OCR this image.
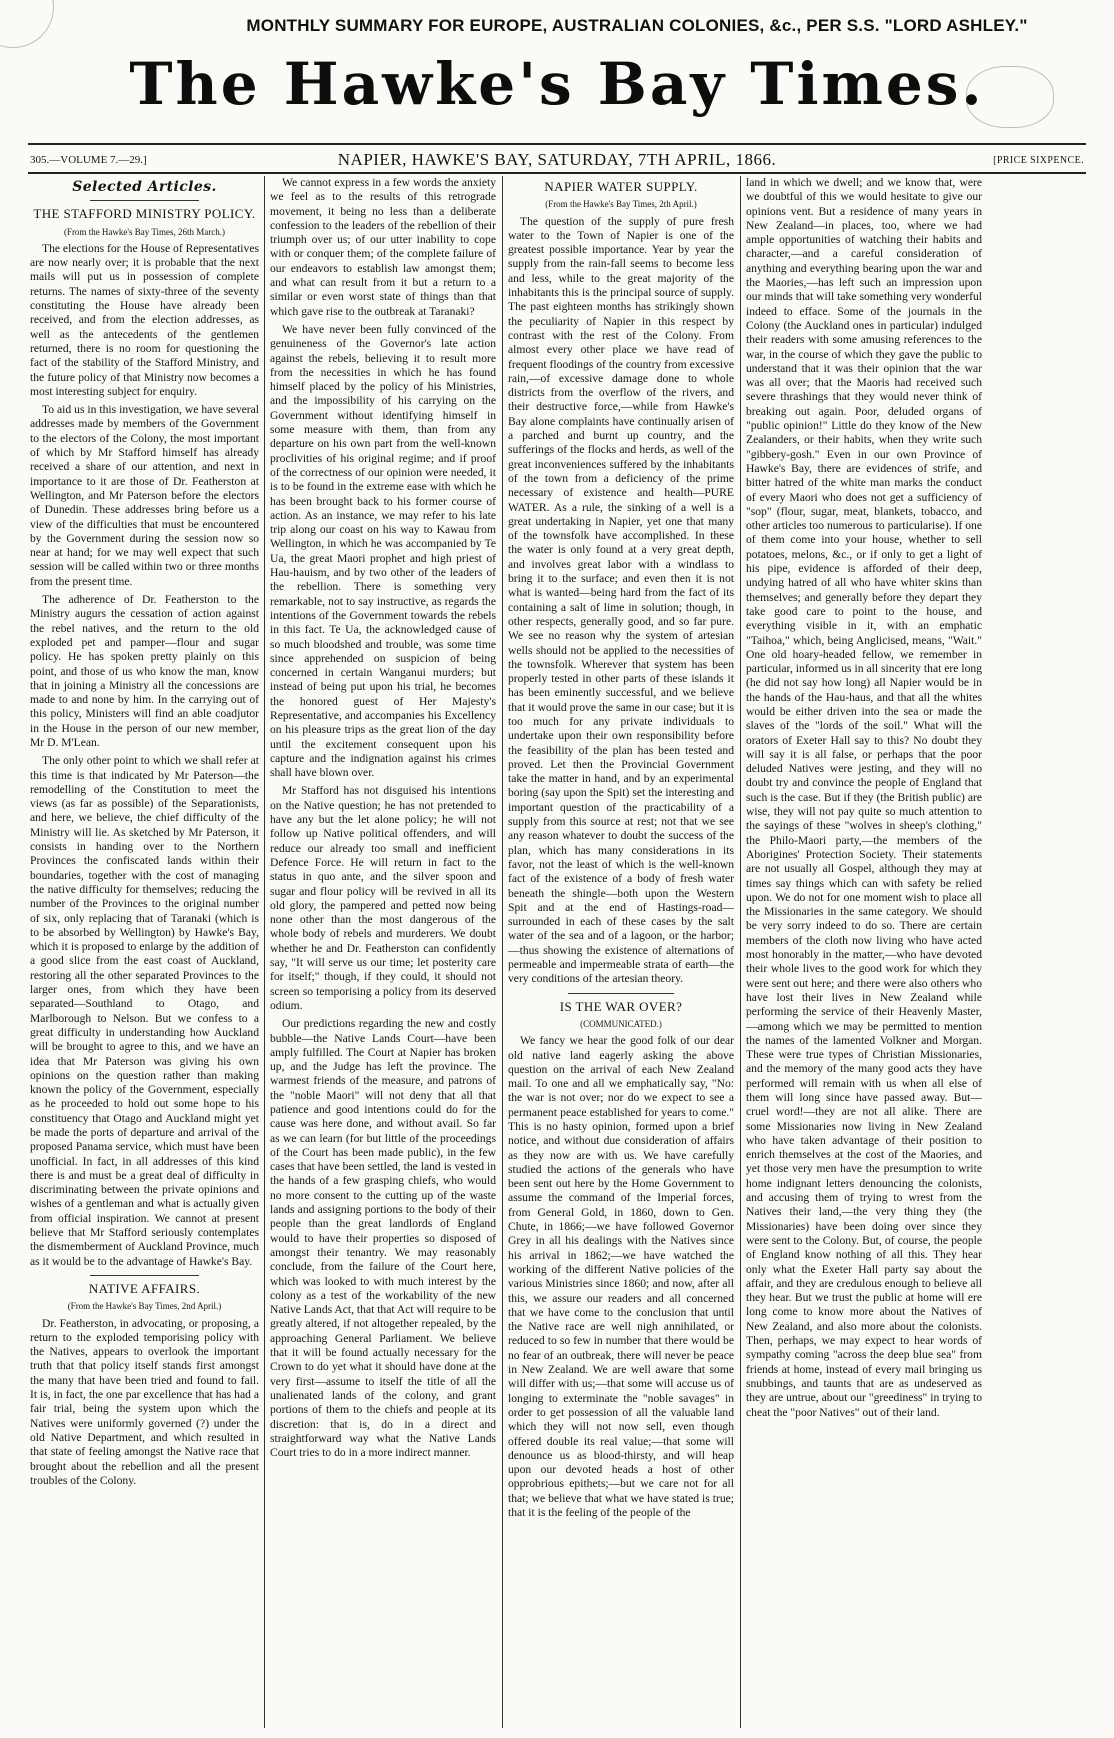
MONTHLY SUMMARY FOR EUROPE, AUSTRALIAN COLONIES, &c., PER S.S. "LORD ASHLEY."
The Hawke's Bay Times.
305.—VOLUME 7.—29.]	NAPIER, HAWKE'S BAY, SATURDAY, 7TH APRIL, 1866.	[PRICE SIXPENCE.
Selected Articles.
THE STAFFORD MINISTRY POLICY.
(From the Hawke's Bay Times, 26th March.)

The elections for the House of Representatives are now nearly over; it is probable that the next mails will put us in possession of complete returns. The names of sixty-three of the seventy constituting the House have already been received, and from the election addresses, as well as the antecedents of the gentlemen returned, there is no room for questioning the fact of the stability of the Stafford Ministry, and the future policy of that Ministry now becomes a most interesting subject for enquiry.

To aid us in this investigation, we have several addresses made by members of the Government to the electors of the Colony, the most important of which by Mr Stafford himself has already received a share of our attention, and next in importance to it are those of Dr. Featherston at Wellington, and Mr Paterson before the electors of Dunedin. These addresses bring before us a view of the difficulties that must be encountered by the Government during the session now so near at hand; for we may well expect that such session will be called within two or three months from the present time.

The adherence of Dr. Featherston to the Ministry augurs the cessation of action against the rebel natives, and the return to the old exploded pet and pamper—flour and sugar policy. He has spoken pretty plainly on this point, and those of us who know the man, know that in joining a Ministry all the concessions are made to and none by him. In the carrying out of this policy, Ministers will find an able coadjutor in the House in the person of our new member, Mr D. M'Lean.

The only other point to which we shall refer at this time is that indicated by Mr Paterson—the remodelling of the Constitution to meet the views (as far as possible) of the Separationists, and here, we believe, the chief difficulty of the Ministry will lie. As sketched by Mr Paterson, it consists in handing over to the Northern Provinces the confiscated lands within their boundaries, together with the cost of managing the native difficulty for themselves; reducing the number of the Provinces to the original number of six, only replacing that of Taranaki (which is to be absorbed by Wellington) by Hawke's Bay, which it is proposed to enlarge by the addition of a good slice from the east coast of Auckland, restoring all the other separated Provinces to the larger ones, from which they have been separated—Southland to Otago, and Marlborough to Nelson. But we confess to a great difficulty in understanding how Auckland will be brought to agree to this, and we have an idea that Mr Paterson was giving his own opinions on the question rather than making known the policy of the Government, especially as he proceeded to hold out some hope to his constituency that Otago and Auckland might yet be made the ports of departure and arrival of the proposed Panama service, which must have been unofficial. In fact, in all addresses of this kind there is and must be a great deal of difficulty in discriminating between the private opinions and wishes of a gentleman and what is actually given from official inspiration. We cannot at present believe that Mr Stafford seriously contemplates the dismemberment of Auckland Province, much as it would be to the advantage of Hawke's Bay.

NATIVE AFFAIRS.
(From the Hawke's Bay Times, 2nd April.)

Dr. Featherston, in advocating, or proposing, a return to the exploded temporising policy with the Natives, appears to overlook the important truth that that policy itself stands first amongst the many that have been tried and found to fail. It is, in fact, the one par excellence that has had a fair trial, being the system upon which the Natives were uniformly governed (?) under the old Native Department, and which resulted in that state of feeling amongst the Native race that brought about the rebellion and all the present troubles of the Colony.

We cannot express in a few words the anxiety we feel as to the results of this retrograde movement, it being no less than a deliberate confession to the leaders of the rebellion of their triumph over us; of our utter inability to cope with or conquer them; of the complete failure of our endeavors to establish law amongst them; and what can result from it but a return to a similar or even worst state of things than that which gave rise to the outbreak at Taranaki?

We have never been fully convinced of the genuineness of the Governor's late action against the rebels, believing it to result more from the necessities in which he has found himself placed by the policy of his Ministries, and the impossibility of his carrying on the Government without identifying himself in some measure with them, than from any departure on his own part from the well-known proclivities of his original regime; and if proof of the correctness of our opinion were needed, it is to be found in the extreme ease with which he has been brought back to his former course of action. As an instance, we may refer to his late trip along our coast on his way to Kawau from Wellington, in which he was accompanied by Te Ua, the great Maori prophet and high priest of Hau-hauism, and by two other of the leaders of the rebellion. There is something very remarkable, not to say instructive, as regards the intentions of the Government towards the rebels in this fact. Te Ua, the acknowledged cause of so much bloodshed and trouble, was some time since apprehended on suspicion of being concerned in certain Wanganui murders; but instead of being put upon his trial, he becomes the honored guest of Her Majesty's Representative, and accompanies his Excellency on his pleasure trips as the great lion of the day until the excitement consequent upon his capture and the indignation against his crimes shall have blown over.

Mr Stafford has not disguised his intentions on the Native question; he has not pretended to have any but the let alone policy; he will not follow up Native political offenders, and will reduce our already too small and inefficient Defence Force. He will return in fact to the status in quo ante, and the silver spoon and sugar and flour policy will be revived in all its old glory, the pampered and petted now being none other than the most dangerous of the whole body of rebels and murderers. We doubt whether he and Dr. Featherston can confidently say, "It will serve us our time; let posterity care for itself;" though, if they could, it should not screen so temporising a policy from its deserved odium.

Our predictions regarding the new and costly bubble—the Native Lands Court—have been amply fulfilled. The Court at Napier has broken up, and the Judge has left the province. The warmest friends of the measure, and patrons of the "noble Maori" will not deny that all that patience and good intentions could do for the cause was here done, and without avail. So far as we can learn (for but little of the proceedings of the Court has been made public), in the few cases that have been settled, the land is vested in the hands of a few grasping chiefs, who would no more consent to the cutting up of the waste lands and assigning portions to the body of their people than the great landlords of England would to have their properties so disposed of amongst their tenantry. We may reasonably conclude, from the failure of the Court here, which was looked to with much interest by the colony as a test of the workability of the new Native Lands Act, that that Act will require to be greatly altered, if not altogether repealed, by the approaching General Parliament. We believe that it will be found actually necessary for the Crown to do yet what it should have done at the very first—assume to itself the title of all the unalienated lands of the colony, and grant portions of them to the chiefs and people at its discretion: that is, do in a direct and straightforward way what the Native Lands Court tries to do in a more indirect manner.

NAPIER WATER SUPPLY.
(From the Hawke's Bay Times, 2th April.)

The question of the supply of pure fresh water to the Town of Napier is one of the greatest possible importance. Year by year the supply from the rain-fall seems to become less and less, while to the great majority of the inhabitants this is the principal source of supply. The past eighteen months has strikingly shown the peculiarity of Napier in this respect by contrast with the rest of the Colony. From almost every other place we have read of frequent floodings of the country from excessive rain,—of excessive damage done to whole districts from the overflow of the rivers, and their destructive force,—while from Hawke's Bay alone complaints have continually arisen of a parched and burnt up country, and the sufferings of the flocks and herds, as well of the great inconveniences suffered by the inhabitants of the town from a deficiency of the prime necessary of existence and health—PURE WATER. As a rule, the sinking of a well is a great undertaking in Napier, yet one that many of the townsfolk have accomplished. In these the water is only found at a very great depth, and involves great labor with a windlass to bring it to the surface; and even then it is not what is wanted—being hard from the fact of its containing a salt of lime in solution; though, in other respects, generally good, and so far pure. We see no reason why the system of artesian wells should not be applied to the necessities of the townsfolk. Wherever that system has been properly tested in other parts of these islands it has been eminently successful, and we believe that it would prove the same in our case; but it is too much for any private individuals to undertake upon their own responsibility before the feasibility of the plan has been tested and proved. Let then the Provincial Government take the matter in hand, and by an experimental boring (say upon the Spit) set the interesting and important question of the practicability of a supply from this source at rest; not that we see any reason whatever to doubt the success of the plan, which has many considerations in its favor, not the least of which is the well-known fact of the existence of a body of fresh water beneath the shingle—both upon the Western Spit and at the end of Hastings-road—surrounded in each of these cases by the salt water of the sea and of a lagoon, or the harbor;—thus showing the existence of alternations of permeable and impermeable strata of earth—the very conditions of the artesian theory.

IS THE WAR OVER?
(COMMUNICATED.)

We fancy we hear the good folk of our dear old native land eagerly asking the above question on the arrival of each New Zealand mail. To one and all we emphatically say, "No: the war is not over; nor do we expect to see a permanent peace established for years to come." This is no hasty opinion, formed upon a brief notice, and without due consideration of affairs as they now are with us. We have carefully studied the actions of the generals who have been sent out here by the Home Government to assume the command of the Imperial forces, from General Gold, in 1860, down to Gen. Chute, in 1866;—we have followed Governor Grey in all his dealings with the Natives since his arrival in 1862;—we have watched the working of the different Native policies of the various Ministries since 1860; and now, after all this, we assure our readers and all concerned that we have come to the conclusion that until the Native race are well nigh annihilated, or reduced to so few in number that there would be no fear of an outbreak, there will never be peace in New Zealand. We are well aware that some will differ with us;—that some will accuse us of longing to exterminate the "noble savages" in order to get possession of all the valuable land which they will not now sell, even though offered double its real value;—that some will denounce us as blood-thirsty, and will heap upon our devoted heads a host of other opprobrious epithets;—but we care not for all that; we believe that what we have stated is true; that it is the feeling of the people of the

land in which we dwell; and we know that, were we doubtful of this we would hesitate to give our opinions vent. But a residence of many years in New Zealand—in places, too, where we had ample opportunities of watching their habits and character,—and a careful consideration of anything and everything bearing upon the war and the Maories,—has left such an impression upon our minds that will take something very wonderful indeed to efface. Some of the journals in the Colony (the Auckland ones in particular) indulged their readers with some amusing references to the war, in the course of which they gave the public to understand that it was their opinion that the war was all over; that the Maoris had received such severe thrashings that they would never think of breaking out again. Poor, deluded organs of "public opinion!" Little do they know of the New Zealanders, or their habits, when they write such "gibbery-gosh." Even in our own Province of Hawke's Bay, there are evidences of strife, and bitter hatred of the white man marks the conduct of every Maori who does not get a sufficiency of "sop" (flour, sugar, meat, blankets, tobacco, and other articles too numerous to particularise). If one of them come into your house, whether to sell potatoes, melons, &c., or if only to get a light of his pipe, evidence is afforded of their deep, undying hatred of all who have whiter skins than themselves; and generally before they depart they take good care to point to the house, and everything visible in it, with an emphatic "Taihoa," which, being Anglicised, means, "Wait." One old hoary-headed fellow, we remember in particular, informed us in all sincerity that ere long (he did not say how long) all Napier would be in the hands of the Hau-haus, and that all the whites would be either driven into the sea or made the slaves of the "lords of the soil." What will the orators of Exeter Hall say to this? No doubt they will say it is all false, or perhaps that the poor deluded Natives were jesting, and they will no doubt try and convince the people of England that such is the case. But if they (the British public) are wise, they will not pay quite so much attention to the sayings of these "wolves in sheep's clothing," the Philo-Maori party,—the members of the Aborigines' Protection Society. Their statements are not usually all Gospel, although they may at times say things which can with safety be relied upon. We do not for one moment wish to place all the Missionaries in the same category. We should be very sorry indeed to do so. There are certain members of the cloth now living who have acted most honorably in the matter,—who have devoted their whole lives to the good work for which they were sent out here; and there were also others who have lost their lives in New Zealand while performing the service of their Heavenly Master,—among which we may be permitted to mention the names of the lamented Volkner and Morgan. These were true types of Christian Missionaries, and the memory of the many good acts they have performed will remain with us when all else of them will long since have passed away. But—cruel word!—they are not all alike. There are some Missionaries now living in New Zealand who have taken advantage of their position to enrich themselves at the cost of the Maories, and yet those very men have the presumption to write home indignant letters denouncing the colonists, and accusing them of trying to wrest from the Natives their land,—the very thing they (the Missionaries) have been doing over since they were sent to the Colony. But, of course, the people of England know nothing of all this. They hear only what the Exeter Hall party say about the affair, and they are credulous enough to believe all they hear. But we trust the public at home will ere long come to know more about the Natives of New Zealand, and also more about the colonists. Then, perhaps, we may expect to hear words of sympathy coming "across the deep blue sea" from friends at home, instead of every mail bringing us snubbings, and taunts that are as undeserved as they are untrue, about our "greediness" in trying to cheat the "poor Natives" out of their land.
